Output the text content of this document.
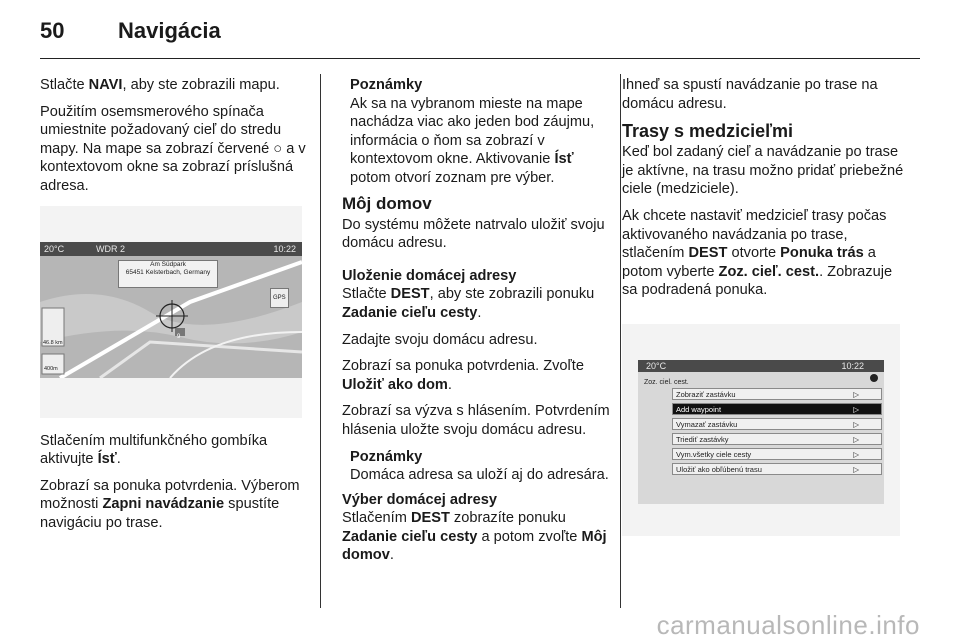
50 Navigácia

Stlačte NAVI, aby ste zobrazili mapu.

Použitím osemsmerového spínača umiestnite požadovaný cieľ do stredu mapy. Na mape sa zobrazí červené ○ a v kontextovom okne sa zobrazí príslušná adresa.

20°C	WDR 2	10:22
Am Südpark
65451 Kelsterbach, Germany
GPS
46.8 km
400m
9

Stlačením multifunkčného gombíka aktivujte Ísť.

Zobrazí sa ponuka potvrdenia. Výberom možnosti Zapni navádzanie spustíte navigáciu po trase.

Poznámky
Ak sa na vybranom mieste na mape nachádza viac ako jeden bod záujmu, informácia o ňom sa zobrazí v kontextovom okne. Aktivovanie Ísť potom otvorí zoznam pre výber.
Môj domov

Do systému môžete natrvalo uložiť svoju domácu adresu.

Uloženie domácej adresy

Stlačte DEST, aby ste zobrazili ponuku Zadanie cieľu cesty.

Zadajte svoju domácu adresu.

Zobrazí sa ponuka potvrdenia. Zvoľte Uložiť ako dom.

Zobrazí sa výzva s hlásením. Potvrdením hlásenia uložte svoju domácu adresu.

Poznámky
Domáca adresa sa uloží aj do adresára.
Výber domácej adresy

Stlačením DEST zobrazíte ponuku Zadanie cieľu cesty a potom zvoľte Môj domov.

Ihneď sa spustí navádzanie po trase na domácu adresu.

Trasy s medzicieľmi

Keď bol zadaný cieľ a navádzanie po trase je aktívne, na trasu možno pridať priebežné ciele (medziciele).

Ak chcete nastaviť medzicieľ trasy počas aktivovaného navádzania po trase, stlačením DEST otvorte Ponuka trás a potom vyberte Zoz. cieľ. cest.. Zobrazuje sa podradená ponuka.

20°C	10:22
Zoz. ciel. cest.
Zobraziť zastávku	▷
Add waypoint	▷
Vymazať zastávku	▷
Triediť zastávky	▷
Vym.všetky ciele cesty	▷
Uložiť ako obľúbenú trasu	▷
carmanualsonline.info
